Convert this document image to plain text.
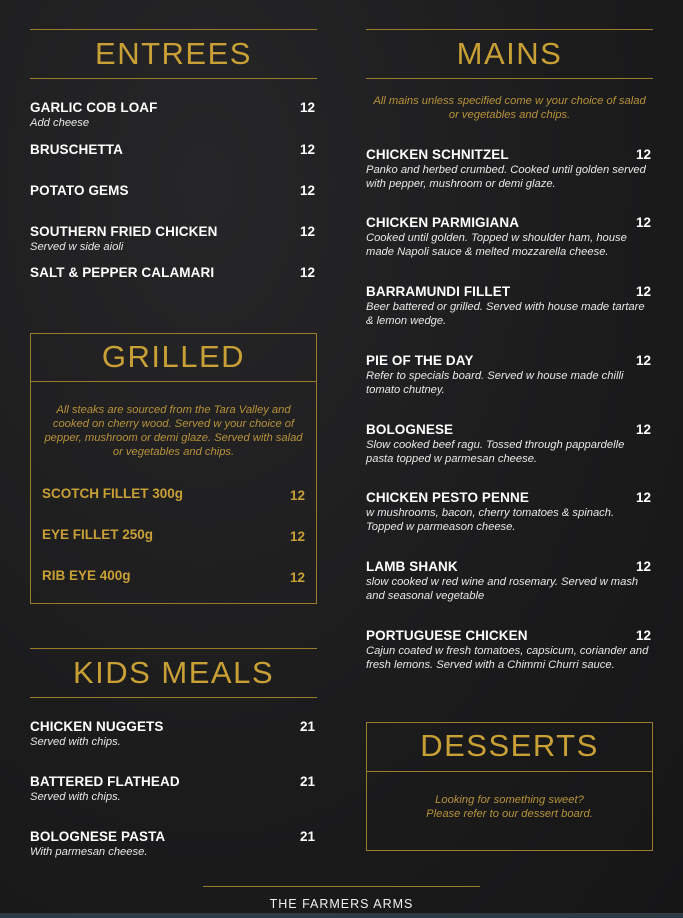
ENTREES
GARLIC COB LOAF	12
Add cheese
BRUSCHETTA	12
POTATO GEMS	12
SOUTHERN FRIED CHICKEN	12
Served w side aioli
SALT & PEPPER CALAMARI	12
GRILLED
All steaks are sourced from the Tara Valley and cooked on cherry wood. Served w your choice of pepper, mushroom or demi glaze. Served with salad or vegetables and chips.
SCOTCH FILLET 300g	12
EYE FILLET 250g	12
RIB EYE 400g	12
KIDS MEALS
CHICKEN NUGGETS	21
Served with chips.
BATTERED FLATHEAD	21
Served with chips.
BOLOGNESE PASTA	21
With parmesan cheese.
MAINS
All mains unless specified come w your choice of salad or vegetables and chips.
CHICKEN SCHNITZEL	12
Panko and herbed crumbed. Cooked until golden served with pepper, mushroom or demi glaze.
CHICKEN PARMIGIANA	12
Cooked until golden. Topped w shoulder ham, house made Napoli sauce & melted mozzarella cheese.
BARRAMUNDI FILLET	12
Beer battered or grilled. Served with house made tartare & lemon wedge.
PIE OF THE DAY	12
Refer to specials board. Served w house made chilli tomato chutney.
BOLOGNESE	12
Slow cooked beef ragu. Tossed through pappardelle pasta topped w parmesan cheese.
CHICKEN PESTO PENNE	12
w mushrooms, bacon, cherry tomatoes & spinach. Topped w parmeason cheese.
LAMB SHANK	12
slow cooked w red wine and rosemary. Served w mash and seasonal vegetable
PORTUGUESE CHICKEN	12
Cajun coated w fresh tomatoes, capsicum, coriander and fresh lemons. Served with a Chimmi Churri sauce.
DESSERTS
Looking for something sweet? Please refer to our dessert board.
THE FARMERS ARMS
